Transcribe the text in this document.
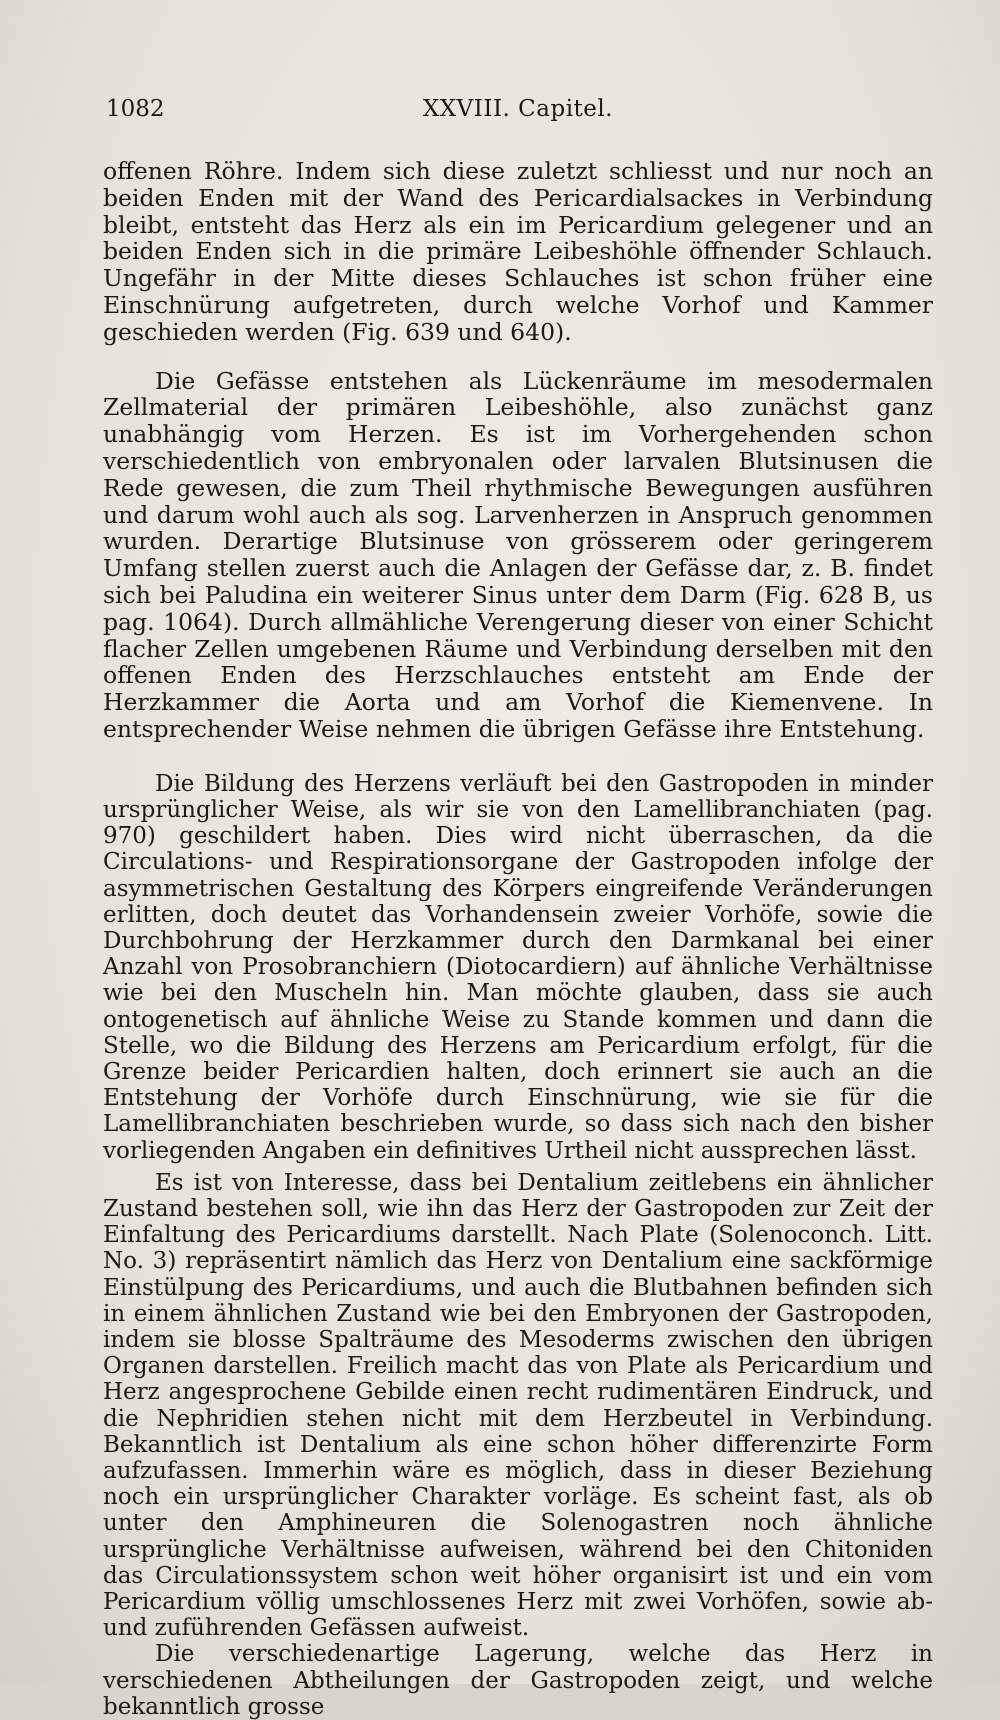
1082	XXVIII. Capitel.

offenen Röhre. Indem sich diese zuletzt schliesst und nur noch an beiden Enden mit der Wand des Pericardialsackes in Verbindung bleibt, entsteht das Herz als ein im Pericardium gelegener und an beiden Enden sich in die primäre Leibeshöhle öffnender Schlauch. Ungefähr in der Mitte dieses Schlauches ist schon früher eine Einschnürung aufgetreten, durch welche Vorhof und Kammer geschieden werden (Fig. 639 und 640).

Die Gefässe entstehen als Lückenräume im mesodermalen Zellmaterial der primären Leibeshöhle, also zunächst ganz unabhängig vom Herzen. Es ist im Vorhergehenden schon verschiedentlich von embryonalen oder larvalen Blutsinusen die Rede gewesen, die zum Theil rhythmische Bewegungen ausführen und darum wohl auch als sog. Larvenherzen in Anspruch genommen wurden. Derartige Blutsinuse von grösserem oder geringerem Umfang stellen zuerst auch die Anlagen der Gefässe dar, z. B. findet sich bei Paludina ein weiterer Sinus unter dem Darm (Fig. 628 B, us pag. 1064). Durch allmähliche Verengerung dieser von einer Schicht flacher Zellen umgebenen Räume und Verbindung derselben mit den offenen Enden des Herzschlauches entsteht am Ende der Herzkammer die Aorta und am Vorhof die Kiemenvene. In entsprechender Weise nehmen die übrigen Gefässe ihre Entstehung.

Die Bildung des Herzens verläuft bei den Gastropoden in minder ursprünglicher Weise, als wir sie von den Lamellibranchiaten (pag. 970) geschildert haben. Dies wird nicht überraschen, da die Circulations- und Respirationsorgane der Gastropoden infolge der asymmetrischen Gestaltung des Körpers eingreifende Veränderungen erlitten, doch deutet das Vorhandensein zweier Vorhöfe, sowie die Durchbohrung der Herzkammer durch den Darmkanal bei einer Anzahl von Prosobranchiern (Diotocardiern) auf ähnliche Verhältnisse wie bei den Muscheln hin. Man möchte glauben, dass sie auch ontogenetisch auf ähnliche Weise zu Stande kommen und dann die Stelle, wo die Bildung des Herzens am Pericardium erfolgt, für die Grenze beider Pericardien halten, doch erinnert sie auch an die Entstehung der Vorhöfe durch Einschnürung, wie sie für die Lamellibranchiaten beschrieben wurde, so dass sich nach den bisher vorliegenden Angaben ein definitives Urtheil nicht aussprechen lässt.

Es ist von Interesse, dass bei Dentalium zeitlebens ein ähnlicher Zustand bestehen soll, wie ihn das Herz der Gastropoden zur Zeit der Einfaltung des Pericardiums darstellt. Nach Plate (Solenoconch. Litt. No. 3) repräsentirt nämlich das Herz von Dentalium eine sackförmige Einstülpung des Pericardiums, und auch die Blutbahnen befinden sich in einem ähnlichen Zustand wie bei den Embryonen der Gastropoden, indem sie blosse Spalträume des Mesoderms zwischen den übrigen Organen darstellen. Freilich macht das von Plate als Pericardium und Herz angesprochene Gebilde einen recht rudimentären Eindruck, und die Nephridien stehen nicht mit dem Herzbeutel in Verbindung. Bekanntlich ist Dentalium als eine schon höher differenzirte Form aufzufassen. Immerhin wäre es möglich, dass in dieser Beziehung noch ein ursprünglicher Charakter vorläge. Es scheint fast, als ob unter den Amphineuren die Solenogastren noch ähnliche ursprüngliche Verhältnisse aufweisen, während bei den Chitoniden das Circulationssystem schon weit höher organisirt ist und ein vom Pericardium völlig umschlossenes Herz mit zwei Vorhöfen, sowie ab- und zuführenden Gefässen aufweist.

Die verschiedenartige Lagerung, welche das Herz in verschiedenen Abtheilungen der Gastropoden zeigt, und welche bekanntlich grosse
